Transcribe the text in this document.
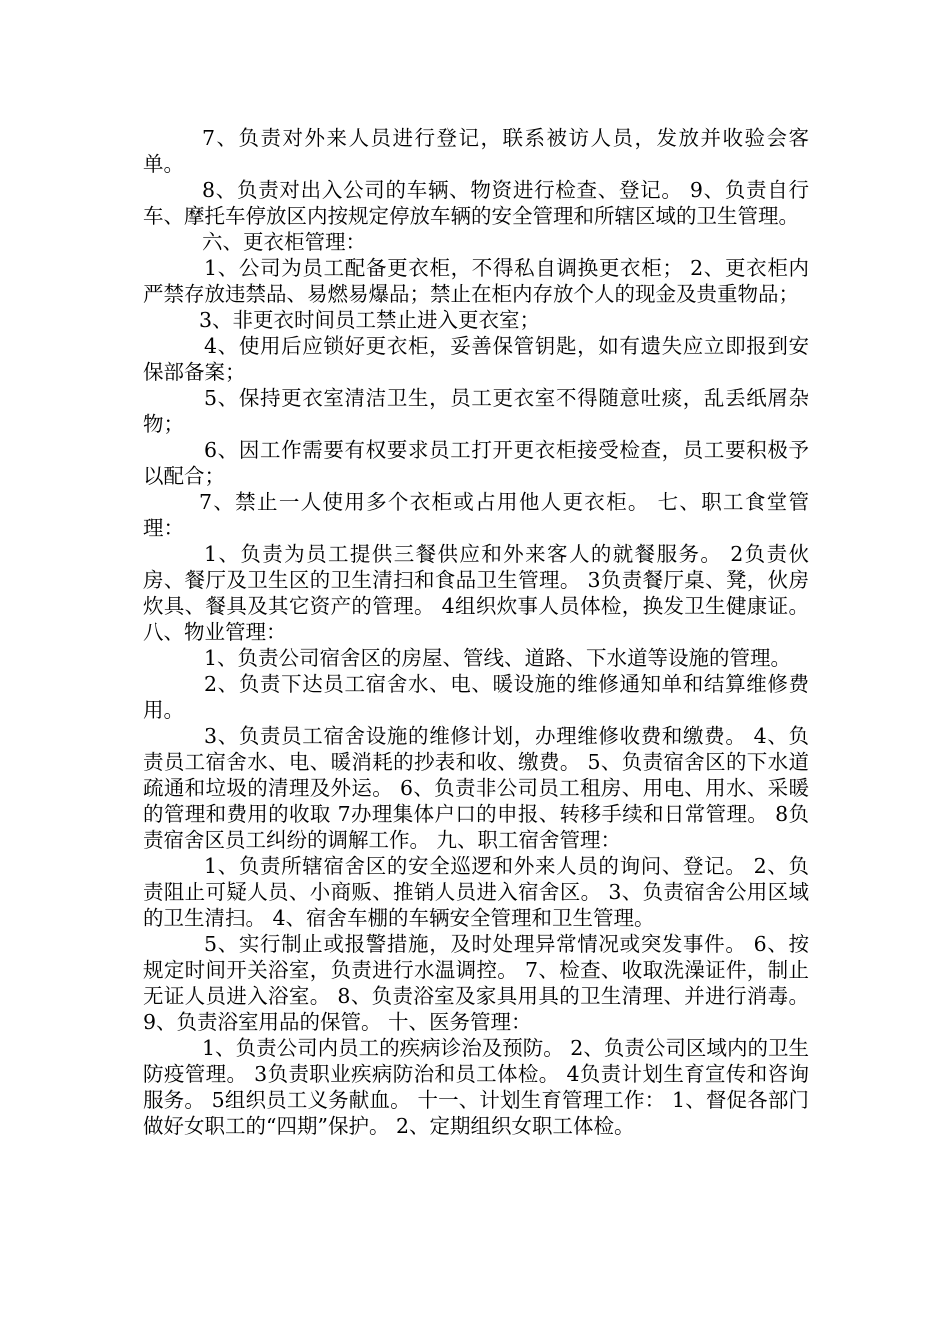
7、负责对外来人员进行登记，联系被访人员，发放并收验会客单。

8、负责对出入公司的车辆、物资进行检查、登记。 9、负责自行车、摩托车停放区内按规定停放车辆的安全管理和所辖区域的卫生管理。

六、更衣柜管理：

1、公司为员工配备更衣柜，不得私自调换更衣柜； 2、更衣柜内严禁存放违禁品、易燃易爆品；禁止在柜内存放个人的现金及贵重物品；

3、非更衣时间员工禁止进入更衣室；

4、使用后应锁好更衣柜，妥善保管钥匙，如有遗失应立即报到安保部备案；

5、保持更衣室清洁卫生，员工更衣室不得随意吐痰，乱丢纸屑杂物；

6、因工作需要有权要求员工打开更衣柜接受检查，员工要积极予以配合；

7、禁止一人使用多个衣柜或占用他人更衣柜。 七、职工食堂管理：

1、负责为员工提供三餐供应和外来客人的就餐服务。 2负责伙房、餐厅及卫生区的卫生清扫和食品卫生管理。 3负责餐厅桌、凳，伙房炊具、餐具及其它资产的管理。 4组织炊事人员体检，换发卫生健康证。 八、物业管理：

1、负责公司宿舍区的房屋、管线、道路、下水道等设施的管理。

2、负责下达员工宿舍水、电、暖设施的维修通知单和结算维修费用。

3、负责员工宿舍设施的维修计划，办理维修收费和缴费。 4、负责员工宿舍水、电、暖消耗的抄表和收、缴费。 5、负责宿舍区的下水道疏通和垃圾的清理及外运。 6、负责非公司员工租房、用电、用水、采暖的管理和费用的收取 7办理集体户口的申报、转移手续和日常管理。 8负责宿舍区员工纠纷的调解工作。 九、职工宿舍管理：

1、负责所辖宿舍区的安全巡逻和外来人员的询问、登记。 2、负责阻止可疑人员、小商贩、推销人员进入宿舍区。 3、负责宿舍公用区域的卫生清扫。 4、宿舍车棚的车辆安全管理和卫生管理。

5、实行制止或报警措施，及时处理异常情况或突发事件。 6、按规定时间开关浴室，负责进行水温调控。 7、检查、收取洗澡证件，制止无证人员进入浴室。 8、负责浴室及家具用具的卫生清理、并进行消毒。 9、负责浴室用品的保管。 十、医务管理：

1、负责公司内员工的疾病诊治及预防。 2、负责公司区域内的卫生防疫管理。 3负责职业疾病防治和员工体检。 4负责计划生育宣传和咨询服务。 5组织员工义务献血。 十一、计划生育管理工作： 1、督促各部门做好女职工的“四期”保护。 2、定期组织女职工体检。
